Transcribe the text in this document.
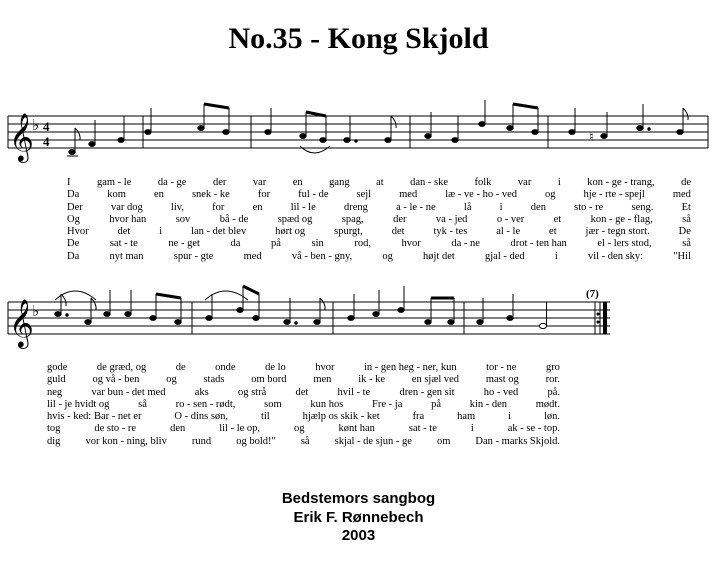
No.35 - Kong Skjold
𝄞
♭ 4
4	♮
I	gam - le	da - ge	der	var	en	gang	at	dan - ske	folk	var	i	kon - ge - trang,	de
Da	kom	en	snek - ke	for	ful - de	sejl	med	læ - ve - ho - ved	og	hje - rte - spejl	med
Der	var dog	liv,	for	en	lil - le	dreng	a - le - ne	lå	i	den	sto - re	seng.	Et
Og	hvor han	sov	bå - de	spæd og	spag,	der	va - jed	o - ver	et	kon - ge - flag,	så
Hvor	det	i	lan - det blev	hørt og	spurgt,	det	tyk - tes	al - le	et	jær - tegn stort.	De
De	sat - te	ne - get	da	på	sin	rod,	hvor	da - ne	drot - ten han	el - lers stod,	så
Da	nyt man	spur - gte	med	vå - ben - gny,	og	højt det	gjal - ded	i	vil - den sky:	"Hil
𝄞
♭
(7)
gode	de græd, og	de	onde	de lo	hvor	in - gen heg - ner, kun	tor - ne	gro
guld	og vå - ben	og	stads	om bord	men	ik - ke	en sjæl ved	mast og	ror.
neg	var bun - det med	aks	og strå	det	hvil - te	dren - gen sit	ho - ved	på.
lil - je hvidt og	så	ro - sen - rødt,	som	kun hos	Fre - ja	på	kin - den	mødt.
hvis - ked: Bar - net er	O - dins søn,	til	hjælp os skik - ket	fra	ham	i	løn.
tog	de sto - re	den	lil - le op,	og	kønt han	sat - te	i	ak - se - top.
dig vor kon - ning, bliv rund og bold!" så skjal - de sjun - ge om Dan - marks Skjold.
Bedstemors sangbog
Erik F. Rønnebech
2003
